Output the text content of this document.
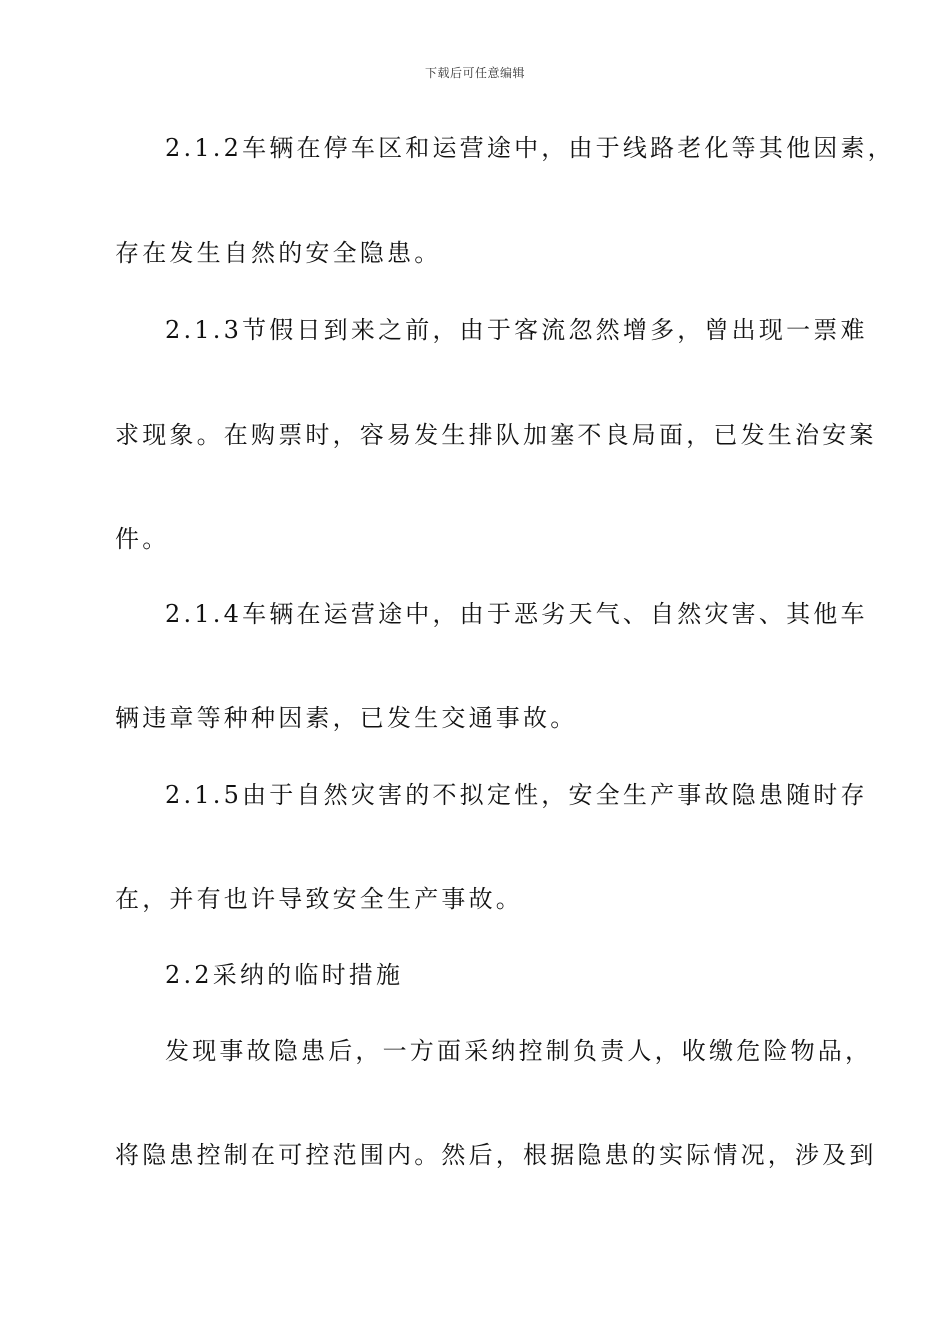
下载后可任意编辑
2.1.2车辆在停车区和运营途中，由于线路老化等其他因素，
存在发生自然的安全隐患。
2.1.3节假日到来之前，由于客流忽然增多，曾出现一票难
求现象。在购票时，容易发生排队加塞不良局面，已发生治安案
件。
2.1.4车辆在运营途中，由于恶劣天气、自然灾害、其他车
辆违章等种种因素，已发生交通事故。
2.1.5由于自然灾害的不拟定性，安全生产事故隐患随时存
在，并有也许导致安全生产事故。
2.2采纳的临时措施
发现事故隐患后，一方面采纳控制负责人，收缴危险物品，
将隐患控制在可控范围内。然后，根据隐患的实际情况，涉及到
